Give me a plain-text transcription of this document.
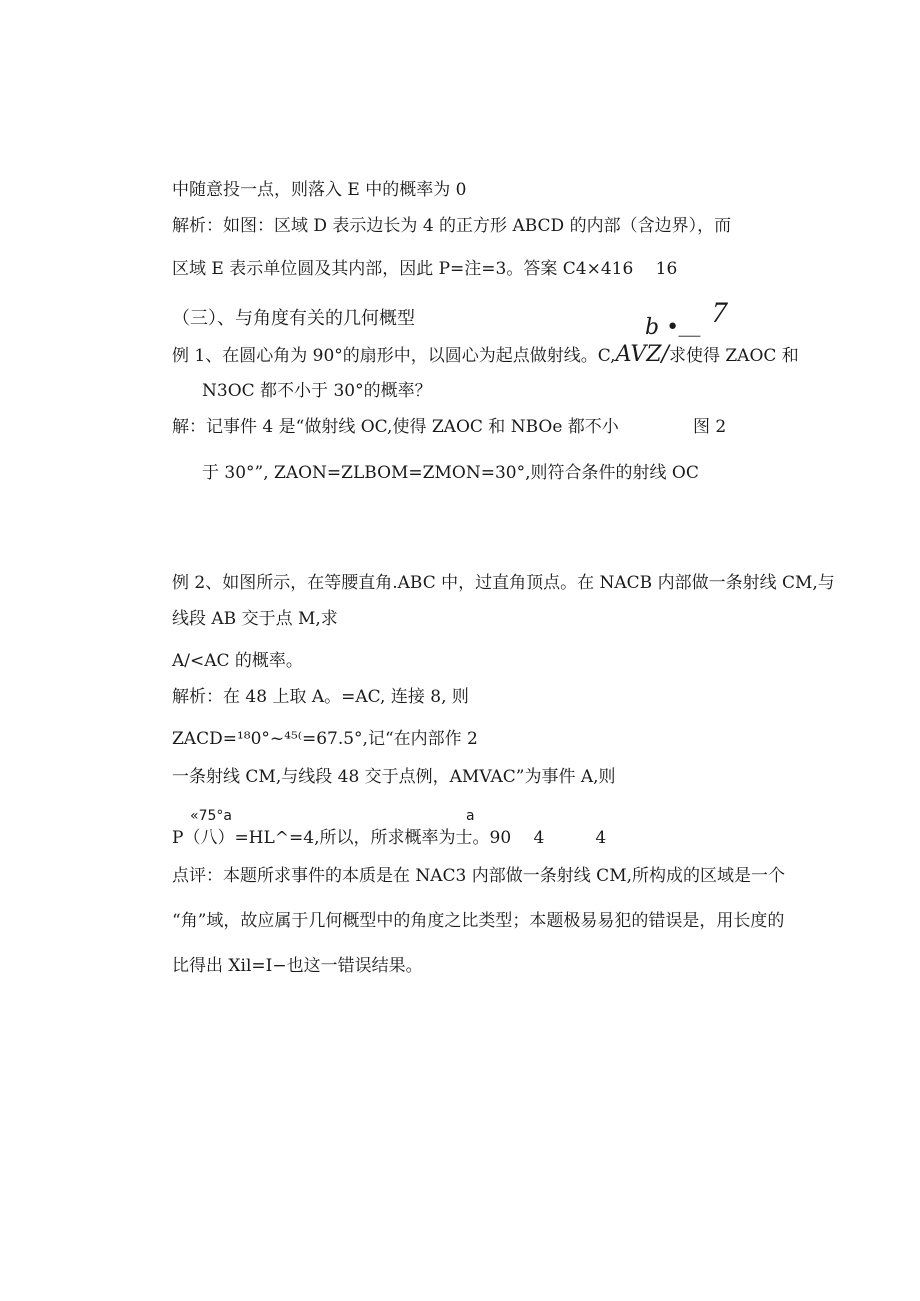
中随意投一点，则落入 E 中的概率为 0
解析：如图：区域 D 表示边长为 4 的正方形 ABCD 的内部（含边界），而
区域 E 表示单位圆及其内部，因此 P=注=3。答案 C4×416　 16
（三）、与角度有关的几何概型	b •＿ 7
例 1、在圆心角为 90°的扇形中，以圆心为起点做射线。C,AVZ/求使得 ZAOC 和
N3OC 都不小于 30°的概率？
解：记事件 4 是“做射线 OC,使得 ZAOC 和 NBOe 都不小	图 2
于 30°”, ZAON=ZLBOM=ZMON=30°,则符合条件的射线 OC
例 2、如图所示，在等腰直角.ABC 中，过直角顶点。在 NACB 内部做一条射线 CM,与
线段 AB 交于点 M,求
A/<AC 的概率。
解析：在 48 上取 A。=AC, 连接 8, 则
ZACD=¹⁸0°~⁴⁵⁽=67.5°,记“在内部作 2
一条射线 CM,与线段 48 交于点例，AMVAC”为事件 A,则
«75°a	a
P（八）=HL^=4,所以，所求概率为士。90　 4　　　4
点评：本题所求事件的本质是在 NAC3 内部做一条射线 CM,所构成的区域是一个
“角”域，故应属于几何概型中的角度之比类型；本题极易易犯的错误是，用长度的
比得出 Xil=I−也这一错误结果。
